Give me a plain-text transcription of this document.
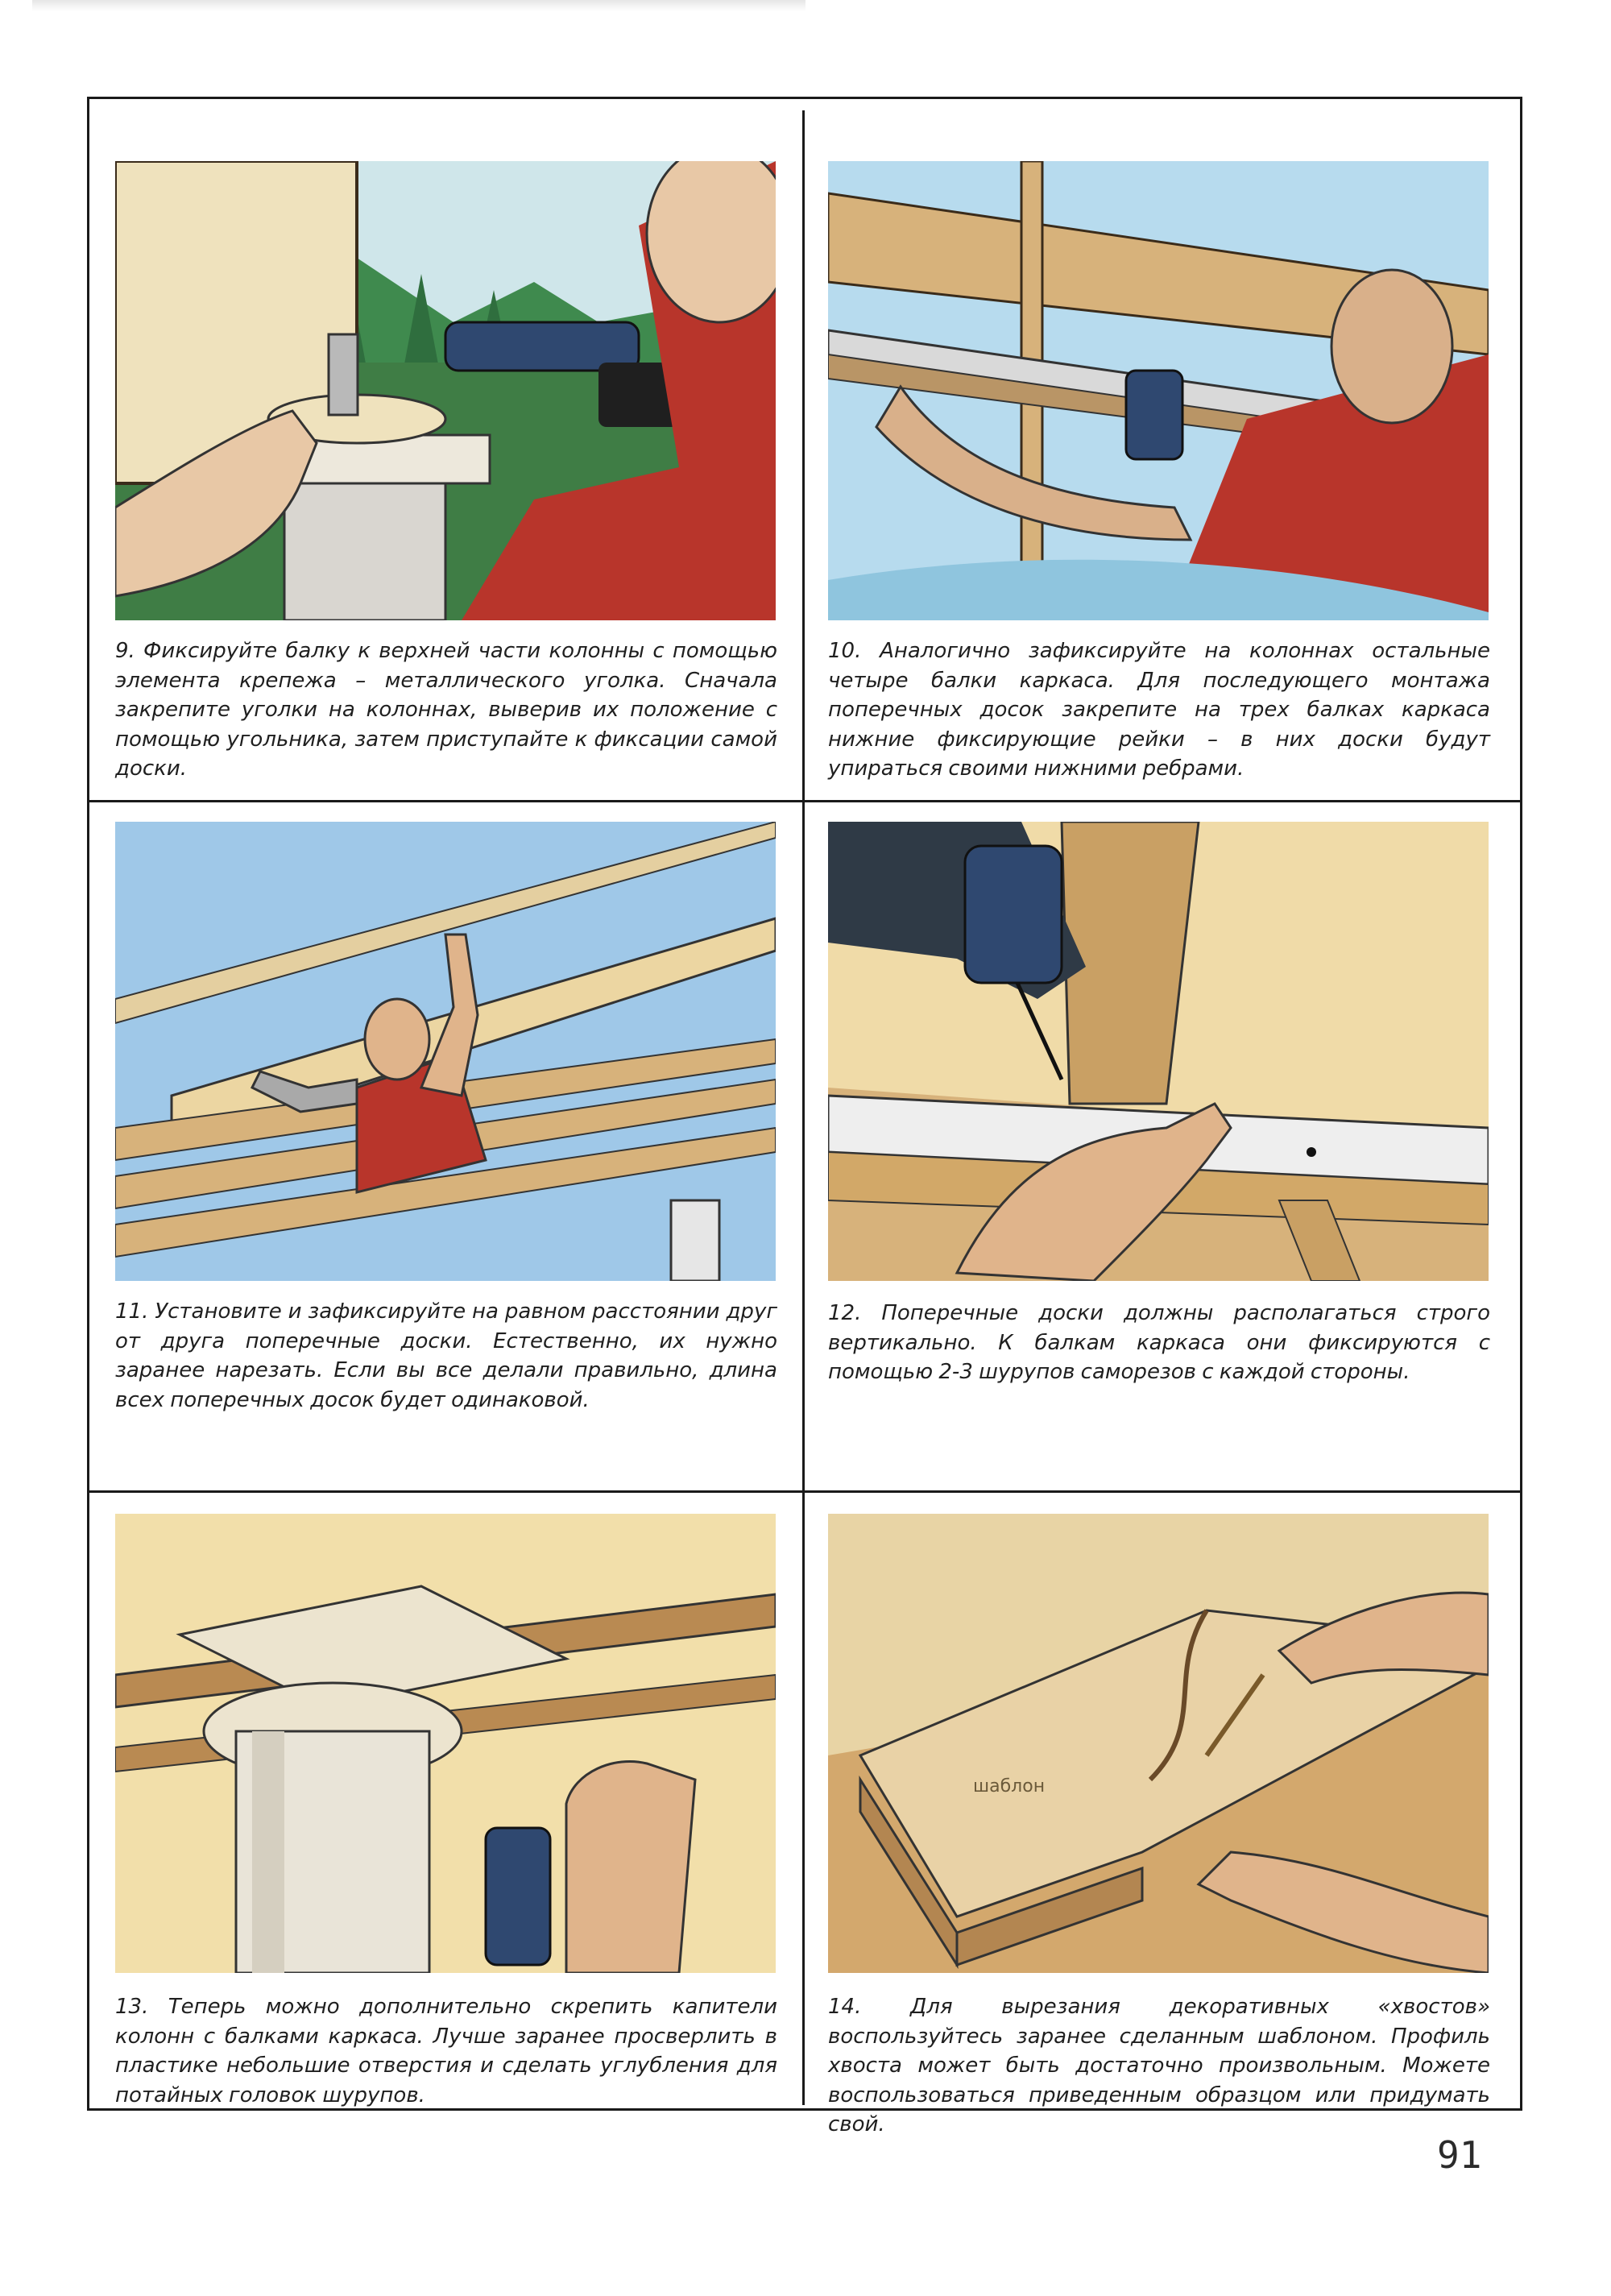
9. Фиксируйте балку к верхней части колонны с помощью элемента крепежа – металлического уголка. Сначала закрепите уголки на колоннах, выверив их положение с помощью угольника, затем приступайте к фиксации самой доски.
10. Аналогично зафиксируйте на колоннах остальные четыре балки каркаса. Для последующего монтажа поперечных досок закрепите на трех балках каркаса нижние фиксирующие рейки – в них доски будут упираться своими нижними ребрами.
11. Установите и зафиксируйте на равном расстоянии друг от друга поперечные доски. Естественно, их нужно заранее нарезать. Если вы все делали правильно, длина всех поперечных досок будет одинаковой.
12. Поперечные доски должны располагаться строго вертикально. К балкам каркаса они фиксируются с помощью 2-3 шурупов саморезов с каждой стороны.
13. Теперь можно дополнительно скрепить капители колонн с балками каркаса. Лучше заранее просверлить в пластике небольшие отверстия и сделать углубления для потайных головок шурупов.
шаблон
14. Для вырезания декоративных «хвостов» воспользуйтесь заранее сделанным шаблоном. Профиль хвоста может быть достаточно произвольным. Можете воспользоваться приведенным образцом или придумать свой.
91
